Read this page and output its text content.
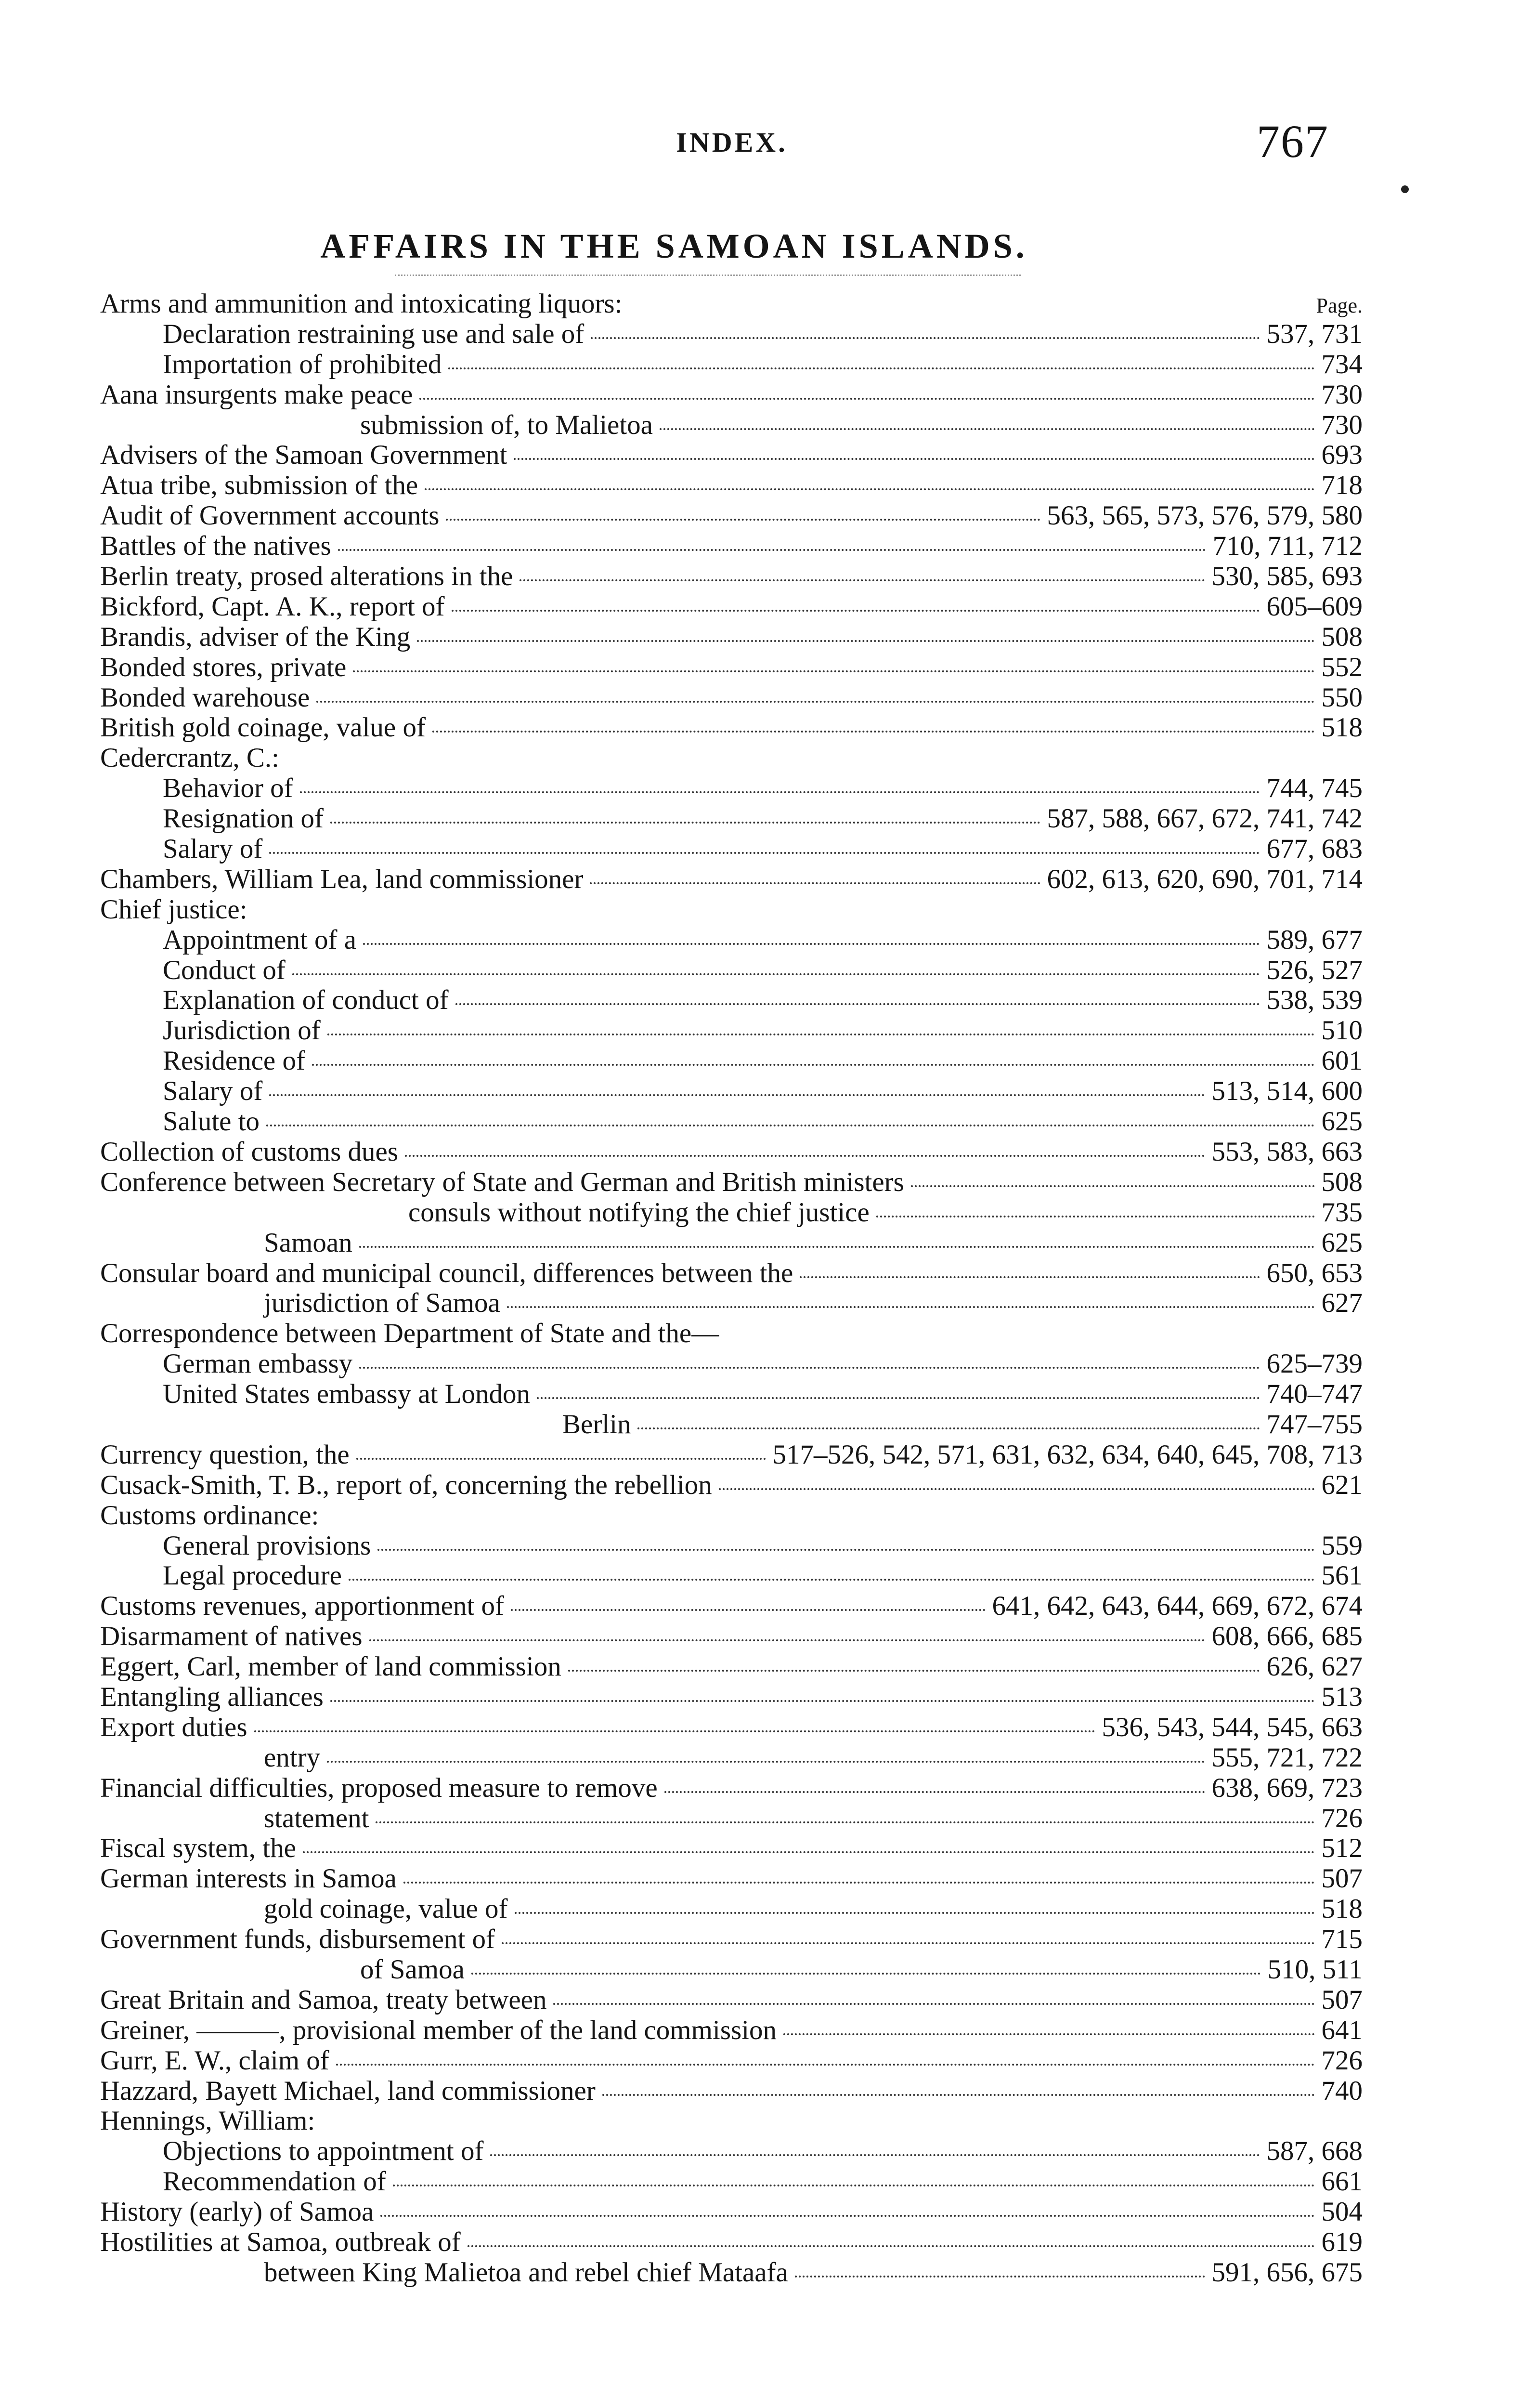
INDEX.	767
AFFAIRS IN THE SAMOAN ISLANDS.
Arms and ammunition and intoxicating liquors:	Page.
Declaration restraining use and sale of	537, 731
Importation of prohibited	734
Aana insurgents make peace	730
submission of, to Malietoa	730
Advisers of the Samoan Government	693
Atua tribe, submission of the	718
Audit of Government accounts	563, 565, 573, 576, 579, 580
Battles of the natives	710, 711, 712
Berlin treaty, prosed alterations in the	530, 585, 693
Bickford, Capt. A. K., report of	605–609
Brandis, adviser of the King	508
Bonded stores, private	552
Bonded warehouse	550
British gold coinage, value of	518
Cedercrantz, C.:
Behavior of	744, 745
Resignation of	587, 588, 667, 672, 741, 742
Salary of	677, 683
Chambers, William Lea, land commissioner	602, 613, 620, 690, 701, 714
Chief justice:
Appointment of a	589, 677
Conduct of	526, 527
Explanation of conduct of	538, 539
Jurisdiction of	510
Residence of	601
Salary of	513, 514, 600
Salute to	625
Collection of customs dues	553, 583, 663
Conference between Secretary of State and German and British ministers	508
consuls without notifying the chief justice	735
Samoan	625
Consular board and municipal council, differences between the	650, 653
jurisdiction of Samoa	627
Correspondence between Department of State and the—
German embassy	625–739
United States embassy at London	740–747
Berlin	747–755
Currency question, the	517–526, 542, 571, 631, 632, 634, 640, 645, 708, 713
Cusack-Smith, T. B., report of, concerning the rebellion	621
Customs ordinance:
General provisions	559
Legal procedure	561
Customs revenues, apportionment of	641, 642, 643, 644, 669, 672, 674
Disarmament of natives	608, 666, 685
Eggert, Carl, member of land commission	626, 627
Entangling alliances	513
Export duties	536, 543, 544, 545, 663
entry	555, 721, 722
Financial difficulties, proposed measure to remove	638, 669, 723
statement	726
Fiscal system, the	512
German interests in Samoa	507
gold coinage, value of	518
Government funds, disbursement of	715
of Samoa	510, 511
Great Britain and Samoa, treaty between	507
Greiner, ———, provisional member of the land commission	641
Gurr, E. W., claim of	726
Hazzard, Bayett Michael, land commissioner	740
Hennings, William:
Objections to appointment of	587, 668
Recommendation of	661
History (early) of Samoa	504
Hostilities at Samoa, outbreak of	619
between King Malietoa and rebel chief Mataafa	591, 656, 675
